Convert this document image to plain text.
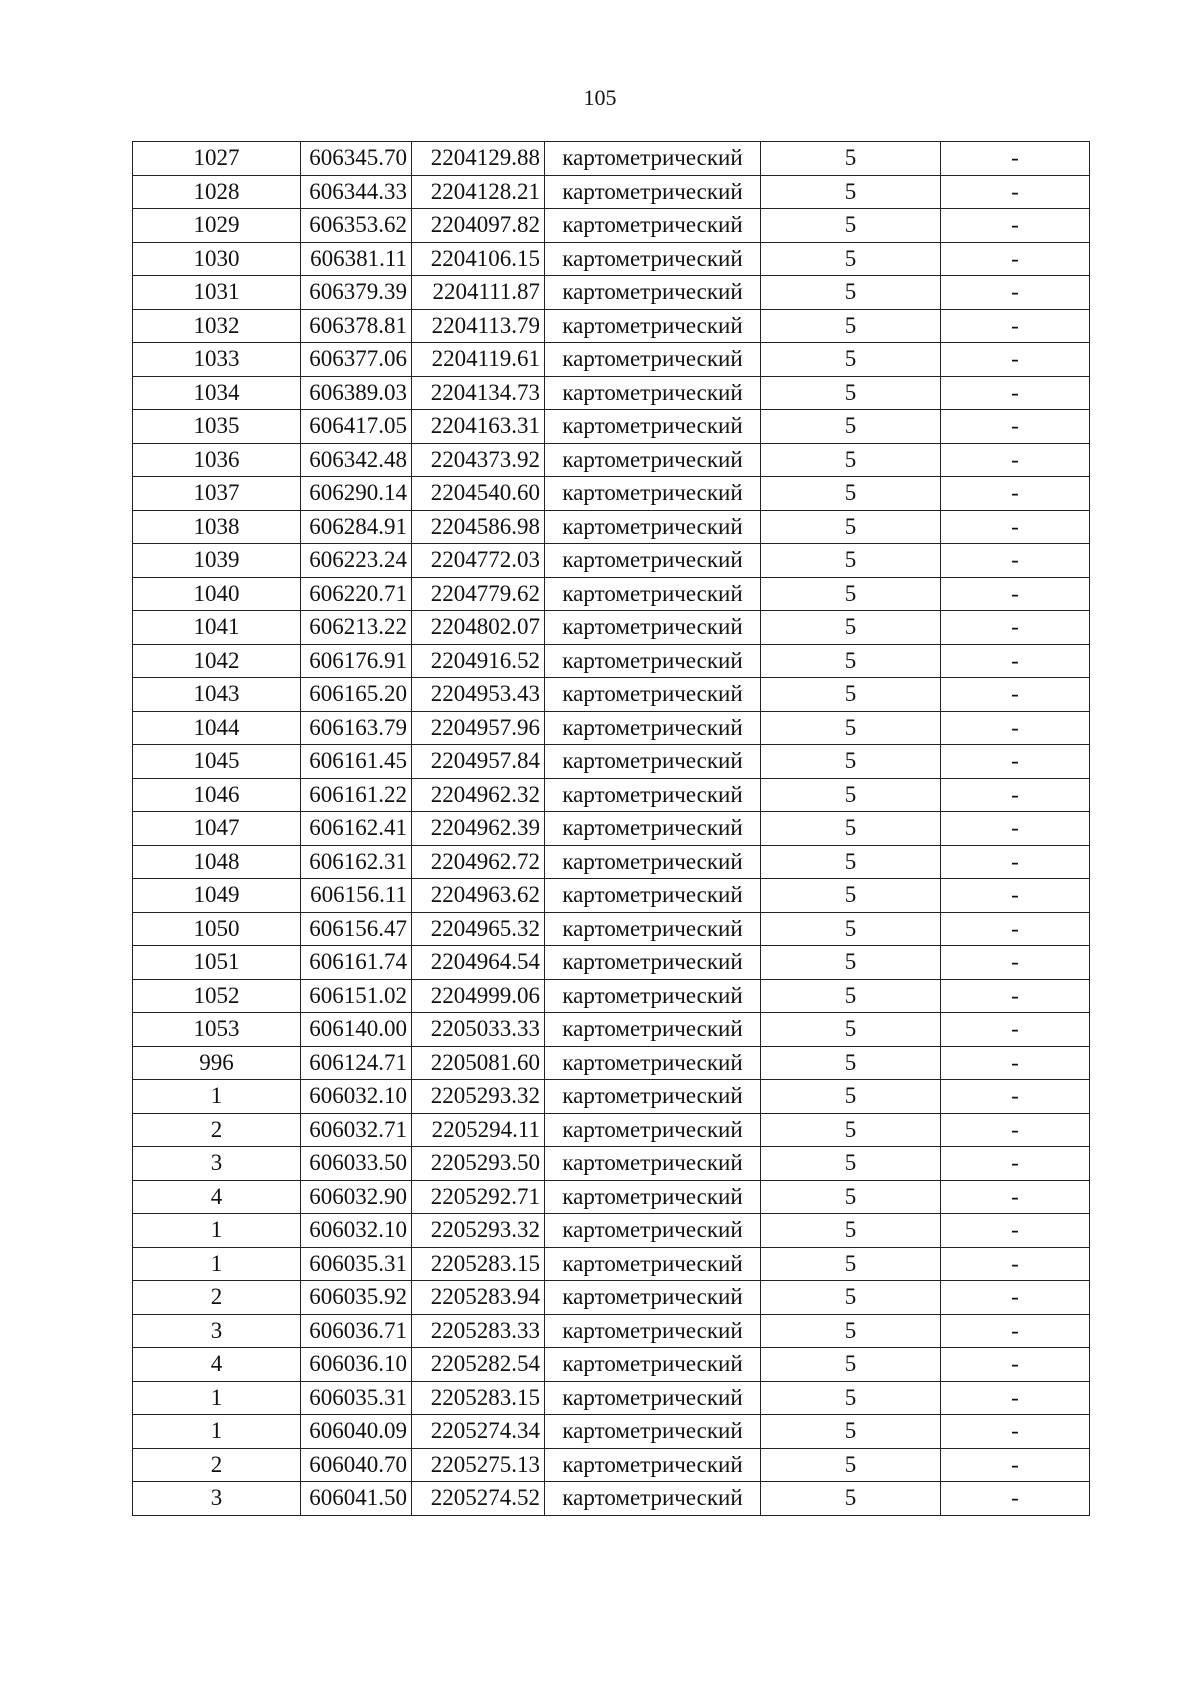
105
1027	606345.70	2204129.88	картометрический	5	-
1028	606344.33	2204128.21	картометрический	5	-
1029	606353.62	2204097.82	картометрический	5	-
1030	606381.11	2204106.15	картометрический	5	-
1031	606379.39	2204111.87	картометрический	5	-
1032	606378.81	2204113.79	картометрический	5	-
1033	606377.06	2204119.61	картометрический	5	-
1034	606389.03	2204134.73	картометрический	5	-
1035	606417.05	2204163.31	картометрический	5	-
1036	606342.48	2204373.92	картометрический	5	-
1037	606290.14	2204540.60	картометрический	5	-
1038	606284.91	2204586.98	картометрический	5	-
1039	606223.24	2204772.03	картометрический	5	-
1040	606220.71	2204779.62	картометрический	5	-
1041	606213.22	2204802.07	картометрический	5	-
1042	606176.91	2204916.52	картометрический	5	-
1043	606165.20	2204953.43	картометрический	5	-
1044	606163.79	2204957.96	картометрический	5	-
1045	606161.45	2204957.84	картометрический	5	-
1046	606161.22	2204962.32	картометрический	5	-
1047	606162.41	2204962.39	картометрический	5	-
1048	606162.31	2204962.72	картометрический	5	-
1049	606156.11	2204963.62	картометрический	5	-
1050	606156.47	2204965.32	картометрический	5	-
1051	606161.74	2204964.54	картометрический	5	-
1052	606151.02	2204999.06	картометрический	5	-
1053	606140.00	2205033.33	картометрический	5	-
996	606124.71	2205081.60	картометрический	5	-
1	606032.10	2205293.32	картометрический	5	-
2	606032.71	2205294.11	картометрический	5	-
3	606033.50	2205293.50	картометрический	5	-
4	606032.90	2205292.71	картометрический	5	-
1	606032.10	2205293.32	картометрический	5	-
1	606035.31	2205283.15	картометрический	5	-
2	606035.92	2205283.94	картометрический	5	-
3	606036.71	2205283.33	картометрический	5	-
4	606036.10	2205282.54	картометрический	5	-
1	606035.31	2205283.15	картометрический	5	-
1	606040.09	2205274.34	картометрический	5	-
2	606040.70	2205275.13	картометрический	5	-
3	606041.50	2205274.52	картометрический	5	-
